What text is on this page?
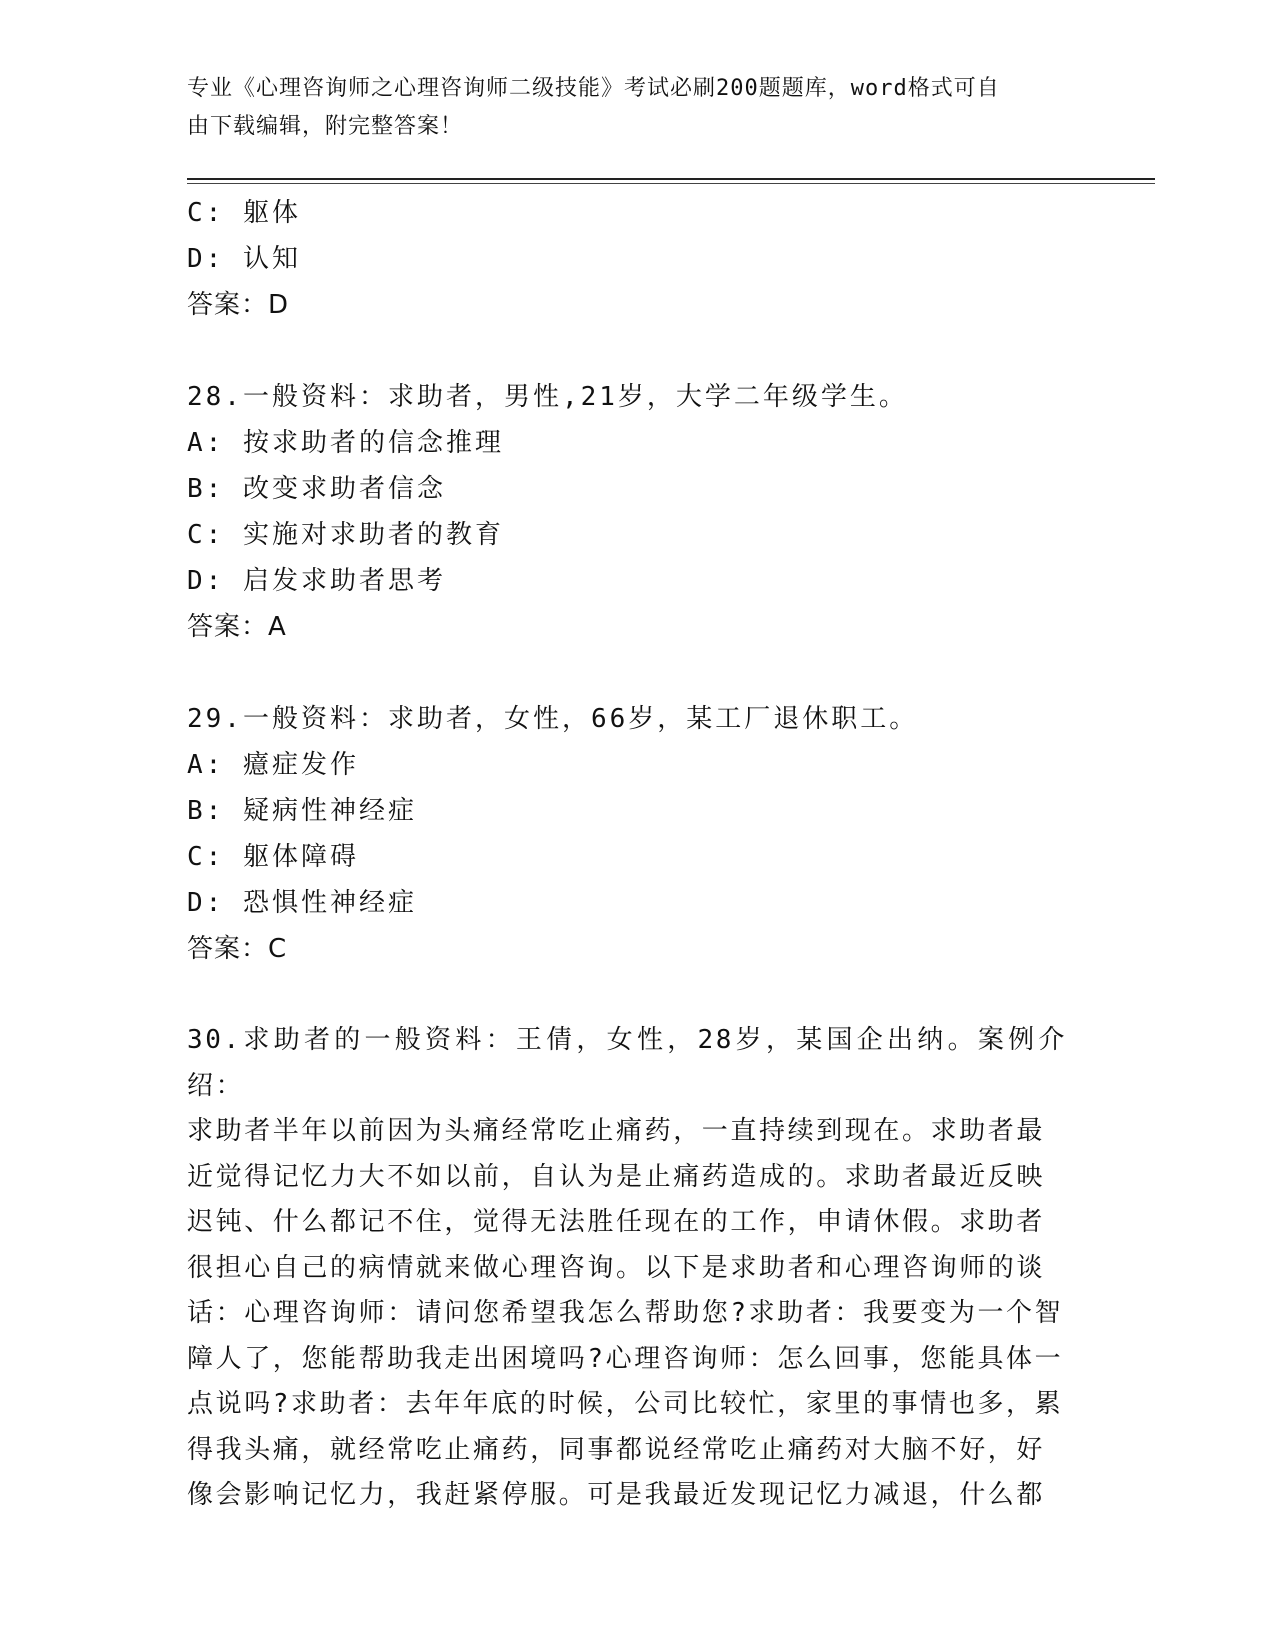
专业《心理咨询师之心理咨询师二级技能》考试必刷200题题库，word格式可自
由下载编辑，附完整答案！
C: 躯体
D: 认知
答案：D
28.一般资料：求助者，男性,21岁，大学二年级学生。
A: 按求助者的信念推理
B: 改变求助者信念
C: 实施对求助者的教育
D: 启发求助者思考
答案：A
29.一般资料：求助者，女性，66岁，某工厂退休职工。
A: 癔症发作
B: 疑病性神经症
C: 躯体障碍
D: 恐惧性神经症
答案：C
30.求助者的一般资料：王倩，女性，28岁，某国企出纳。案例介绍：
求助者半年以前因为头痛经常吃止痛药，一直持续到现在。求助者最
近觉得记忆力大不如以前，自认为是止痛药造成的。求助者最近反映
迟钝、什么都记不住，觉得无法胜任现在的工作，申请休假。求助者
很担心自己的病情就来做心理咨询。以下是求助者和心理咨询师的谈
话：心理咨询师：请问您希望我怎么帮助您?求助者：我要变为一个智
障人了，您能帮助我走出困境吗?心理咨询师：怎么回事，您能具体一
点说吗?求助者：去年年底的时候，公司比较忙，家里的事情也多，累
得我头痛，就经常吃止痛药，同事都说经常吃止痛药对大脑不好，好
像会影响记忆力，我赶紧停服。可是我最近发现记忆力减退，什么都
